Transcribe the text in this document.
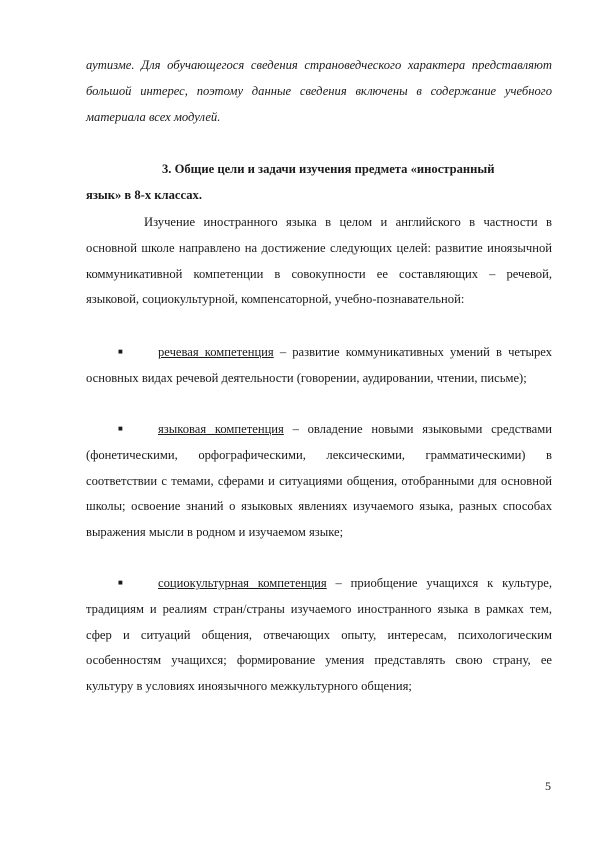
аутизме. Для обучающегося сведения страноведческого характера представляют большой интерес, поэтому данные сведения включены в содержание учебного материала всех модулей.
3. Общие цели и задачи изучения предмета «иностранный
язык» в 8-х классах.
Изучение иностранного языка в целом и английского в частности в основной школе направлено на достижение следующих целей: развитие иноязычной коммуникативной компетенции в совокупности ее составляющих – речевой, языковой, социокультурной, компенсаторной, учебно-познавательной:
■	речевая компетенция – развитие коммуникативных умений в четырех основных видах речевой деятельности (говорении, аудировании, чтении, письме);
■	языковая компетенция – овладение новыми языковыми средствами (фонетическими, орфографическими, лексическими, грамматическими) в соответствии c темами, сферами и ситуациями общения, отобранными для основной школы; освоение знаний о языковых явлениях изучаемого языка, разных способах выражения мысли в родном и изучаемом языке;
■	социокультурная компетенция – приобщение учащихся к культуре, традициям и реалиям стран/страны изучаемого иностранного языка в рамках тем, сфер и ситуаций общения, отвечающих опыту, интересам, психологическим особенностям учащихся; формирование умения представлять свою страну, ее культуру в условиях иноязычного межкультурного общения;
5
